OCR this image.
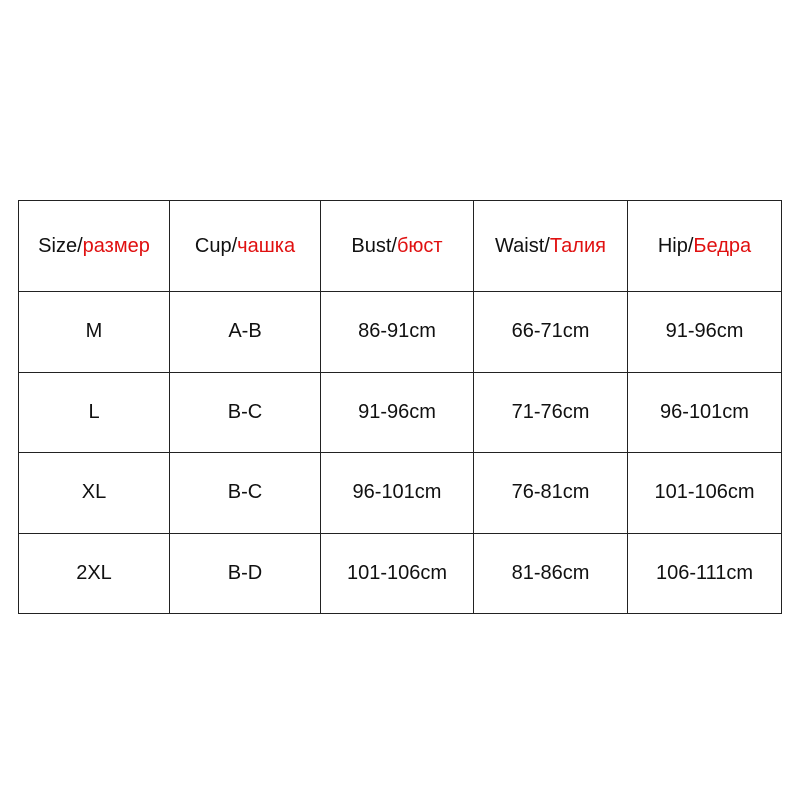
Size/размер	Cup/чашка	Bust/бюст	Waist/Талия	Hip/Бедра
M	A-B	86-91cm	66-71cm	91-96cm
L	B-C	91-96cm	71-76cm	96-101cm
XL	B-C	96-101cm	76-81cm	101-106cm
2XL	B-D	101-106cm	81-86cm	106-111cm
